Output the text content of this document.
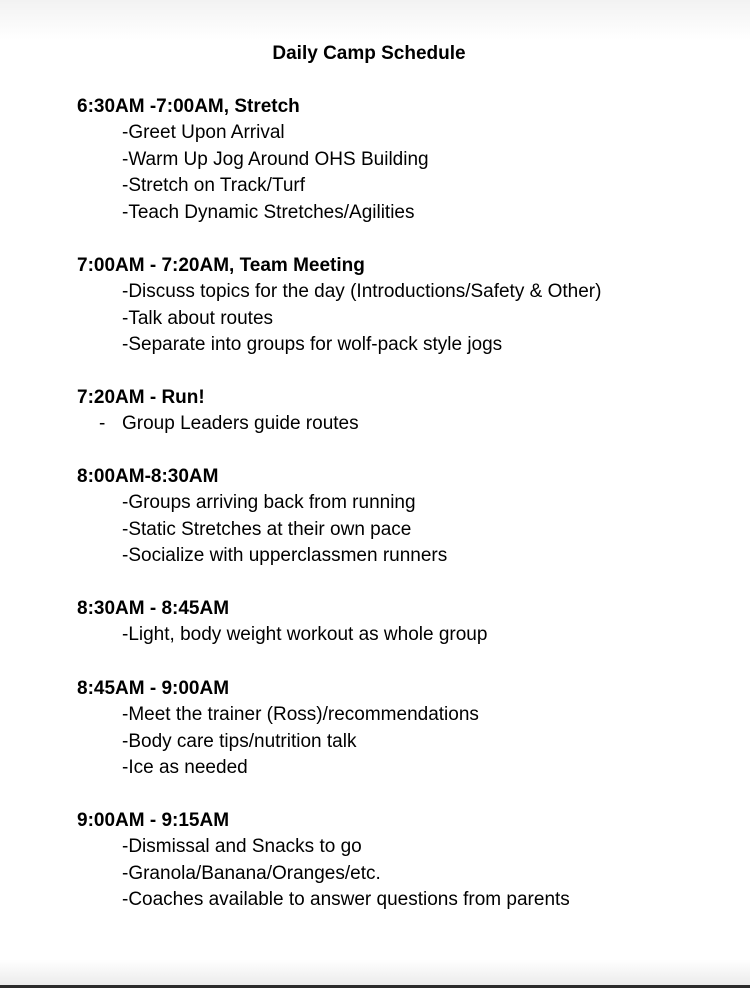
Daily Camp Schedule
6:30AM -7:00AM, Stretch
-Greet Upon Arrival
-Warm Up Jog Around OHS Building
-Stretch on Track/Turf
-Teach Dynamic Stretches/Agilities
7:00AM - 7:20AM, Team Meeting
-Discuss topics for the day (Introductions/Safety & Other)
-Talk about routes
-Separate into groups for wolf-pack style jogs
7:20AM - Run!
- Group Leaders guide routes
8:00AM-8:30AM
-Groups arriving back from running
-Static Stretches at their own pace
-Socialize with upperclassmen runners
8:30AM - 8:45AM
-Light, body weight workout as whole group
8:45AM - 9:00AM
-Meet the trainer (Ross)/recommendations
-Body care tips/nutrition talk
-Ice as needed
9:00AM - 9:15AM
-Dismissal and Snacks to go
-Granola/Banana/Oranges/etc.
-Coaches available to answer questions from parents
